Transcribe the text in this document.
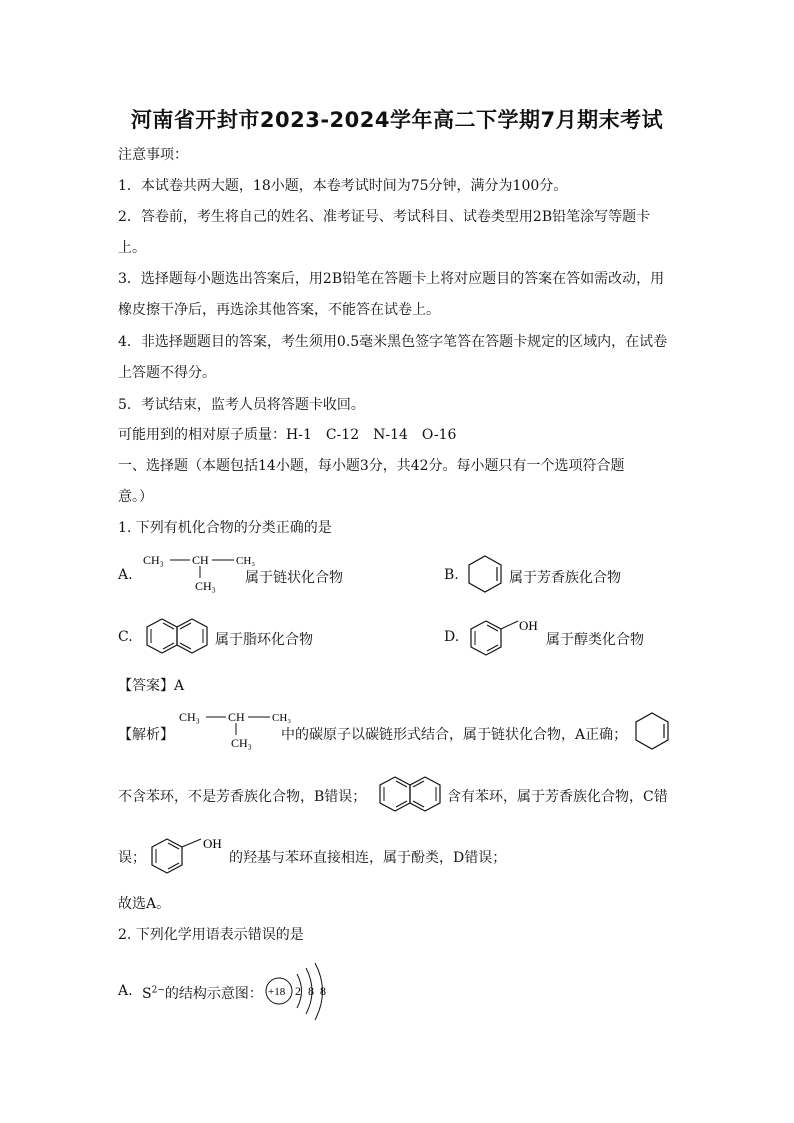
河南省开封市2023-2024学年高二下学期7月期末考试
注意事项：
1．本试卷共两大题，18小题，本卷考试时间为75分钟，满分为100分。
2．答卷前，考生将自己的姓名、准考证号、考试科目、试卷类型用2B铅笔涂写等题卡
上。
3．选择题每小题选出答案后，用2B铅笔在答题卡上将对应题目的答案在答如需改动，用
橡皮擦干净后，再选涂其他答案，不能答在试卷上。
4．非选择题题目的答案，考生须用0.5毫米黑色签字笔答在答题卡规定的区域内，在试卷
上答题不得分。
5．考试结束，监考人员将答题卡收回。
可能用到的相对原子质量：H-1　C-12　N-14　O-16
一、选择题（本题包括14小题，每小题3分，共42分。每小题只有一个选项符合题
意。）
1. 下列有机化合物的分类正确的是
A.
CH₃ CH CH₃
CH₃ 属于链状化合物	B.	属于芳香族化合物
C.	属于脂环化合物	D.
OH
属于醇类化合物
【答案】A
【解析】
CH₃ CH CH₃
CH₃ 中的碳原子以碳链形式结合，属于链状化合物，A正确；
不含苯环，不是芳香族化合物，B错误；	含有苯环，属于芳香族化合物，C错
误；
OH
的羟基与苯环直接相连，属于酚类，D错误；
故选A。
2. 下列化学用语表示错误的是
A. $S^{2-}$的结构示意图： +18 2 8 8
